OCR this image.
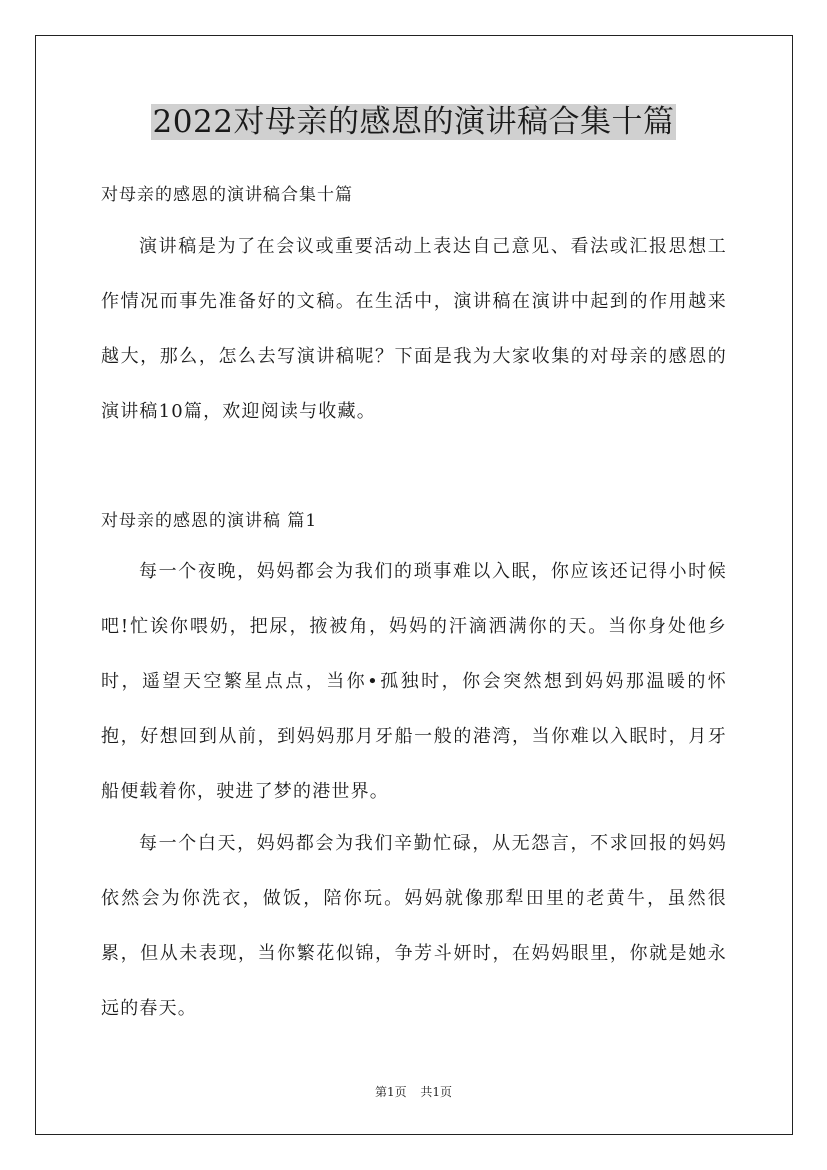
2022对母亲的感恩的演讲稿合集十篇
对母亲的感恩的演讲稿合集十篇
演讲稿是为了在会议或重要活动上表达自己意见、看法或汇报思想工作情况而事先准备好的文稿。在生活中，演讲稿在演讲中起到的作用越来越大，那么，怎么去写演讲稿呢？下面是我为大家收集的对母亲的感恩的演讲稿10篇，欢迎阅读与收藏。
对母亲的感恩的演讲稿 篇1
每一个夜晚，妈妈都会为我们的琐事难以入眠，你应该还记得小时候吧!忙诶你喂奶，把尿，掖被角，妈妈的汗滴洒满你的天。当你身处他乡时，遥望天空繁星点点，当你•孤独时，你会突然想到妈妈那温暖的怀抱，好想回到从前，到妈妈那月牙船一般的港湾，当你难以入眠时，月牙船便载着你，驶进了梦的港世界。
每一个白天，妈妈都会为我们辛勤忙碌，从无怨言，不求回报的妈妈依然会为你洗衣，做饭，陪你玩。妈妈就像那犁田里的老黄牛，虽然很累，但从未表现，当你繁花似锦，争芳斗妍时，在妈妈眼里，你就是她永远的春天。
第1页 共1页
